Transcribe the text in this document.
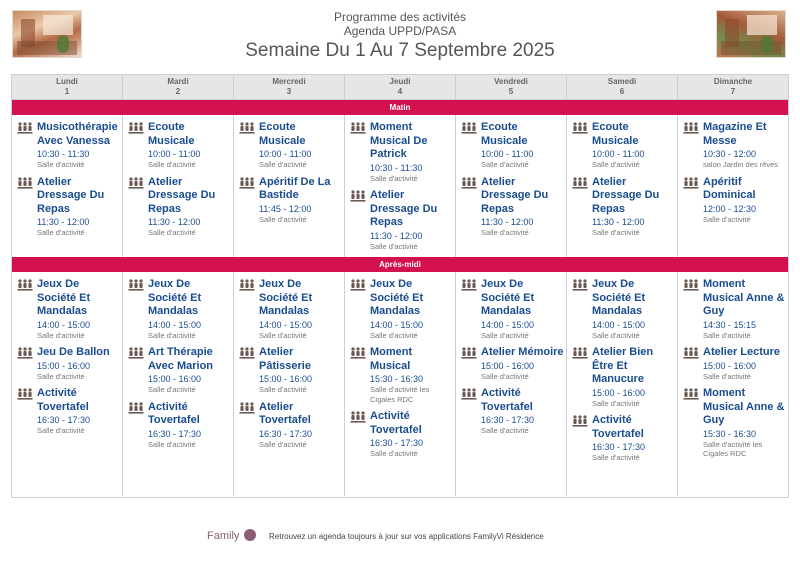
Programme des activités
Agenda UPPD/PASA
Semaine Du 1 Au 7 Septembre 2025
Lundi
1
Mardi
2
Mercredi
3
Jeudi
4
Vendredi
5
Samedi
6
Dimanche
7
Matin
Musicothérapie Avec Vanessa
10:30 - 11:30
Salle d'activité
Atelier Dressage Du Repas
11:30 - 12:00
Salle d'activité
Ecoute Musicale
10:00 - 11:00
Salle d'activité
Atelier Dressage Du Repas
11:30 - 12:00
Salle d'activité
Ecoute Musicale
10:00 - 11:00
Salle d'activité
Apéritif De La Bastide
11:45 - 12:00
Salle d'activité
Moment Musical De Patrick
10:30 - 11:30
Salle d'activité
Atelier Dressage Du Repas
11:30 - 12:00
Salle d'activité
Ecoute Musicale
10:00 - 11:00
Salle d'activité
Atelier Dressage Du Repas
11:30 - 12:00
Salle d'activité
Ecoute Musicale
10:00 - 11:00
Salle d'activité
Atelier Dressage Du Repas
11:30 - 12:00
Salle d'activité
Magazine Et Messe
10:30 - 12:00
salon Jardin des rêves
Apéritif Dominical
12:00 - 12:30
Salle d'activité
Après-midi
Jeux De Société Et Mandalas
14:00 - 15:00
Salle d'activité
Jeu De Ballon
15:00 - 16:00
Salle d'activité
Activité Tovertafel
16:30 - 17:30
Salle d'activité
Jeux De Société Et Mandalas
14:00 - 15:00
Salle d'activité
Art Thérapie Avec Marion
15:00 - 16:00
Salle d'activité
Activité Tovertafel
16:30 - 17:30
Salle d'activité
Jeux De Société Et Mandalas
14:00 - 15:00
Salle d'activité
Atelier Pâtisserie
15:00 - 16:00
Salle d'activité
Atelier Tovertafel
16:30 - 17:30
Salle d'activité
Jeux De Société Et Mandalas
14:00 - 15:00
Salle d'activité
Moment Musical
15:30 - 16:30
Salle d'activité les Cigales RDC
Activité Tovertafel
16:30 - 17:30
Salle d'activité
Jeux De Société Et Mandalas
14:00 - 15:00
Salle d'activité
Atelier Mémoire
15:00 - 16:00
Salle d'activité
Activité Tovertafel
16:30 - 17:30
Salle d'activité
Jeux De Société Et Mandalas
14:00 - 15:00
Salle d'activité
Atelier Bien Être Et Manucure
15:00 - 16:00
Salle d'activité
Activité Tovertafel
16:30 - 17:30
Salle d'activité
Moment Musical Anne & Guy
14:30 - 15:15
Salle d'activité
Atelier Lecture
15:00 - 16:00
Salle d'activité
Moment Musical Anne & Guy
15:30 - 16:30
Salle d'activité les Cigales RDC
Family	Retrouvez un agenda toujours à jour sur vos applications FamilyVi Résidence
